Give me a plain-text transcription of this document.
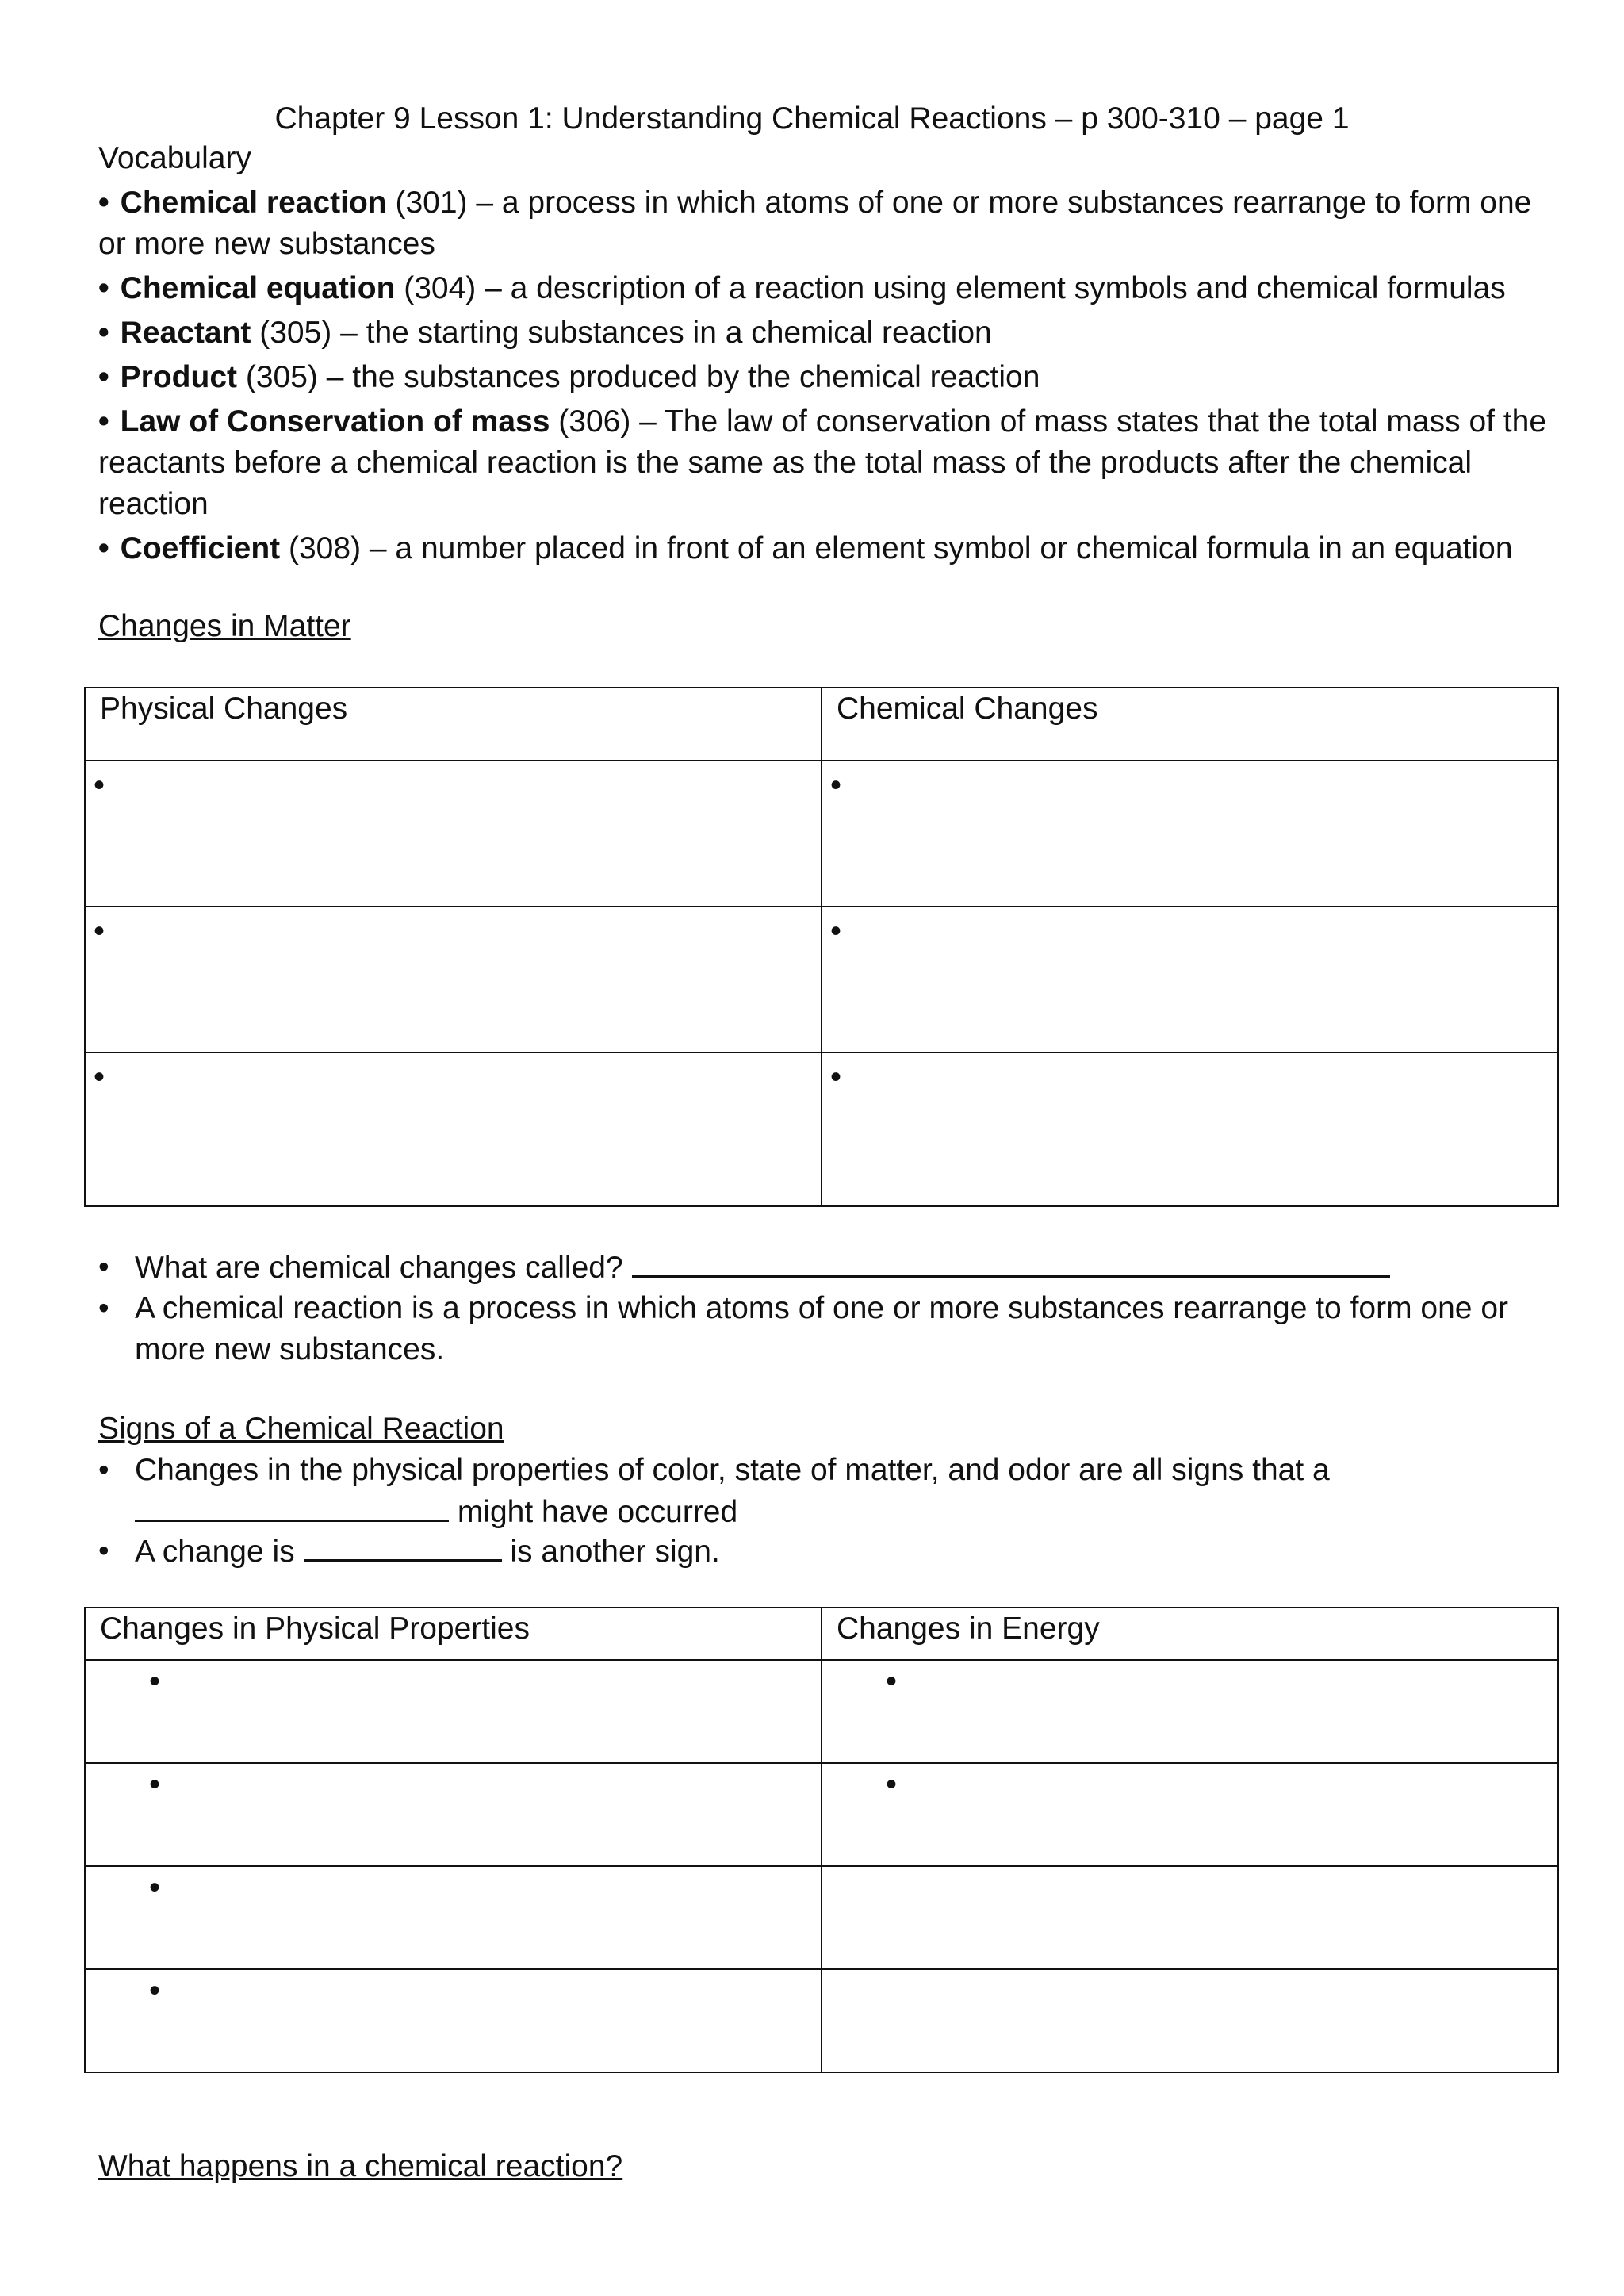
Chapter 9 Lesson 1: Understanding Chemical Reactions – p 300-310 – page 1
Vocabulary
• Chemical reaction (301) – a process in which atoms of one or more substances rearrange to form one or more new substances
• Chemical equation (304) – a description of a reaction using element symbols and chemical formulas
• Reactant (305) – the starting substances in a chemical reaction
• Product (305) – the substances produced by the chemical reaction
• Law of Conservation of mass (306) – The law of conservation of mass states that the total mass of the reactants before a chemical reaction is the same as the total mass of the products after the chemical reaction
• Coefficient (308) – a number placed in front of an element symbol or chemical formula in an equation
Changes in Matter
Physical Changes	Chemical Changes

•	•

•	•

•	•
• What are chemical changes called?
• A chemical reaction is a process in which atoms of one or more substances rearrange to form one or
more new substances.
Signs of a Chemical Reaction
• Changes in the physical properties of color, state of matter, and odor are all signs that a
might have occurred
• A change is	is another sign.
Changes in Physical Properties	Changes in Energy

•	•

•	•

•	

•	

What happens in a chemical reaction?
